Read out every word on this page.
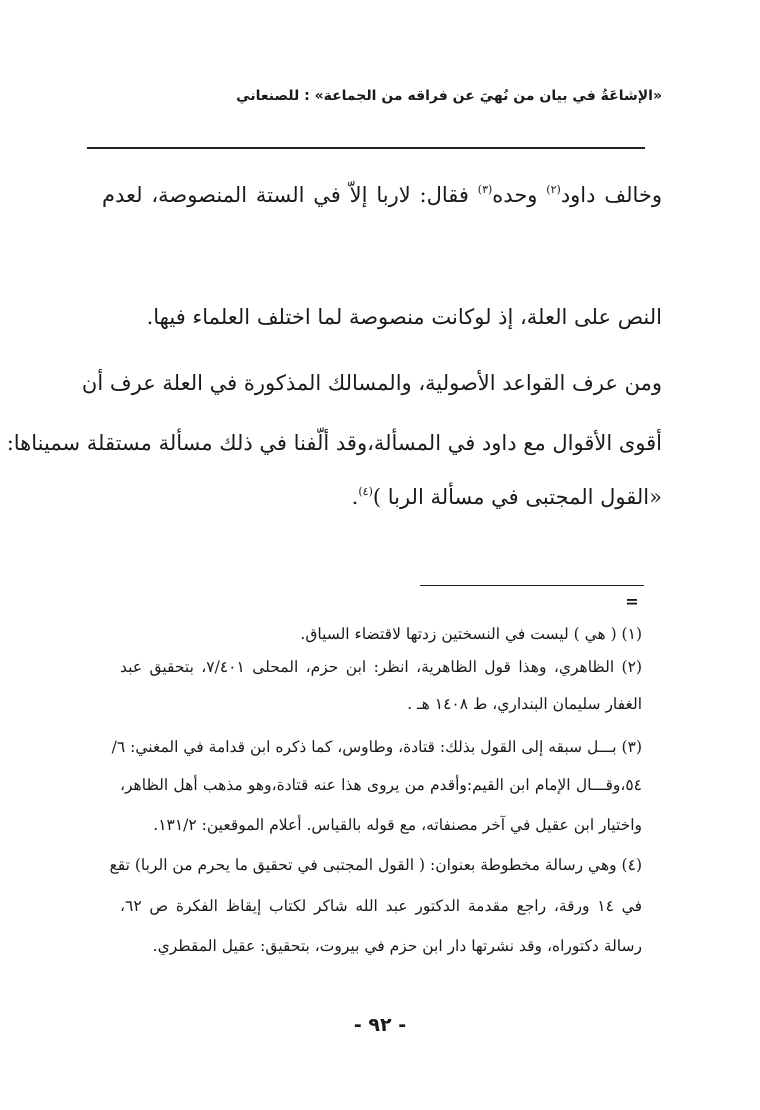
«الإشاعَةُ في بيان من نُهيَ عن فراقه من الجماعة» : للصنعاني
وخالف داود$^{(٢)}$ وحده$^{(٣)}$ فقال: لاربا إلاّ في الستة المنصوصة، لعدم
النص على العلة، إذ لوكانت منصوصة لما اختلف العلماء فيها.
ومن عرف القواعد الأصولية، والمسالك المذكورة في العلة عرف أن
أقوى الأقوال مع داود في المسألة،وقد ألّفنا في ذلك مسألة مستقلة سميناها:
«القول المجتبى في مسألة الربا )$^{(٤)}$.
=
(١) ( هي ) ليست في النسختين زدتها لاقتضاء السياق.
(٢) الظاهري، وهذا قول الظاهرية، انظر: ابن حزم، المحلى ٧/٤٠١، بتحقيق عبد
الغفار سليمان البنداري، ط ١٤٠٨ هـ .
(٣) بـــل سبقه إلى القول بذلك: قتادة، وطاوس، كما ذكره ابن قدامة في المغني: ٦/
٥٤،وقـــال الإمام ابن القيم:وأقدم من يروى هذا عنه قتادة،وهو مذهب أهل الظاهر،
واختيار ابن عقيل في آخر مصنفاته، مع قوله بالقياس. أعلام الموقعين: ١٣١/٢.
(٤) وهي رسالة مخطوطة بعنوان: ( القول المجتبى في تحقيق ما يحرم من الربا) تقع
في ١٤ ورقة، راجع مقدمة الدكتور عبد الله شاكر لكتاب إيقاظ الفكرة ص ٦٢،
رسالة دكتوراه، وقد نشرتها دار ابن حزم في بيروت، بتحقيق: عقيل المقطري.
- ٩٢ -
